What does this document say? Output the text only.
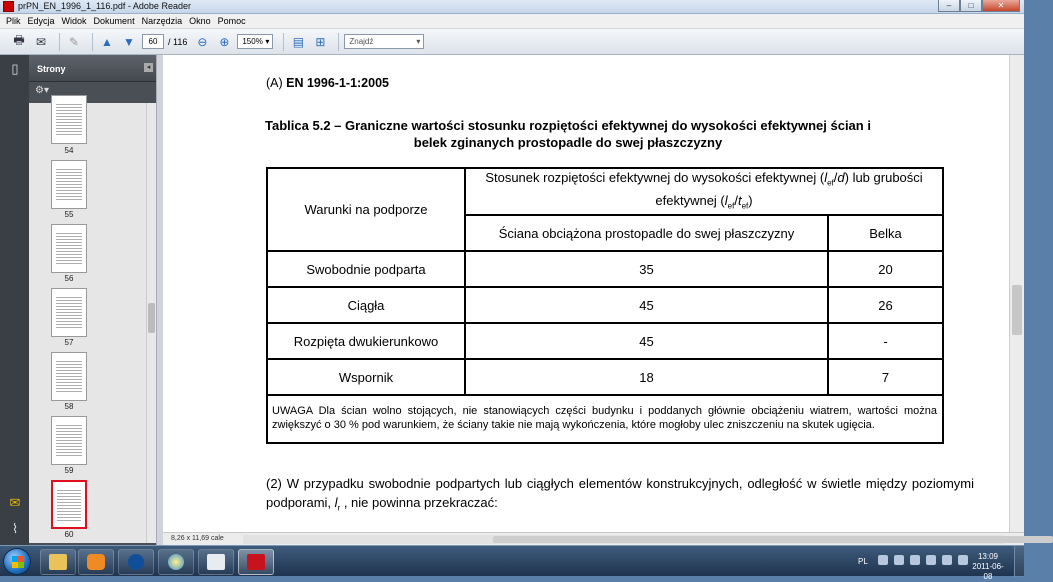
prPN_EN_1996_1_116.pdf - Adobe Reader	–	□	✕
Plik Edycja Widok Dokument Narzędzia Okno Pomoc
🖶 ✉	✎	▲ ▼	60	/ 116 ⊖ ⊕	150% ▾ ▤ ⊞	Znajdź	▾
▯
✉
⌇
Strony	◂
⚙▾
54
55
56
57
58
59
60
(A) EN 1996-1-1:2005
Tablica 5.2 – Graniczne wartości stosunku rozpiętości efektywnej do wysokości efektywnej ścian i belek zginanych prostopadle do swej płaszczyzny
Warunki na podporze	Stosunek rozpiętości efektywnej do wysokości efektywnej $(l_{ef}/d)$ lub grubości efektywnej $(l_{ef}/t_{ef})$	
	Ściana obciążona prostopadle do swej płaszczyzny	Belka
Swobodnie podparta	35	20
Ciągła	45	26
Rozpięta dwukierunkowo	45	-
Wspornik	18	7
UWAGA Dla ścian wolno stojących, nie stanowiących części budynku i poddanych głównie obciążeniu wiatrem, wartości można zwiększyć o 30 % pod warunkiem, że ściany takie nie mają wykończenia, które mogłoby ulec zniszczeniu na skutek ugięcia.		
(2) W przypadku swobodnie podpartych lub ciągłych elementów konstrukcyjnych, odległość w świetle między poziomymi podporami, $l_r$ , nie powinna przekraczać:
8,26 x 11,69 cale
PL
13:09
2011-06-08
